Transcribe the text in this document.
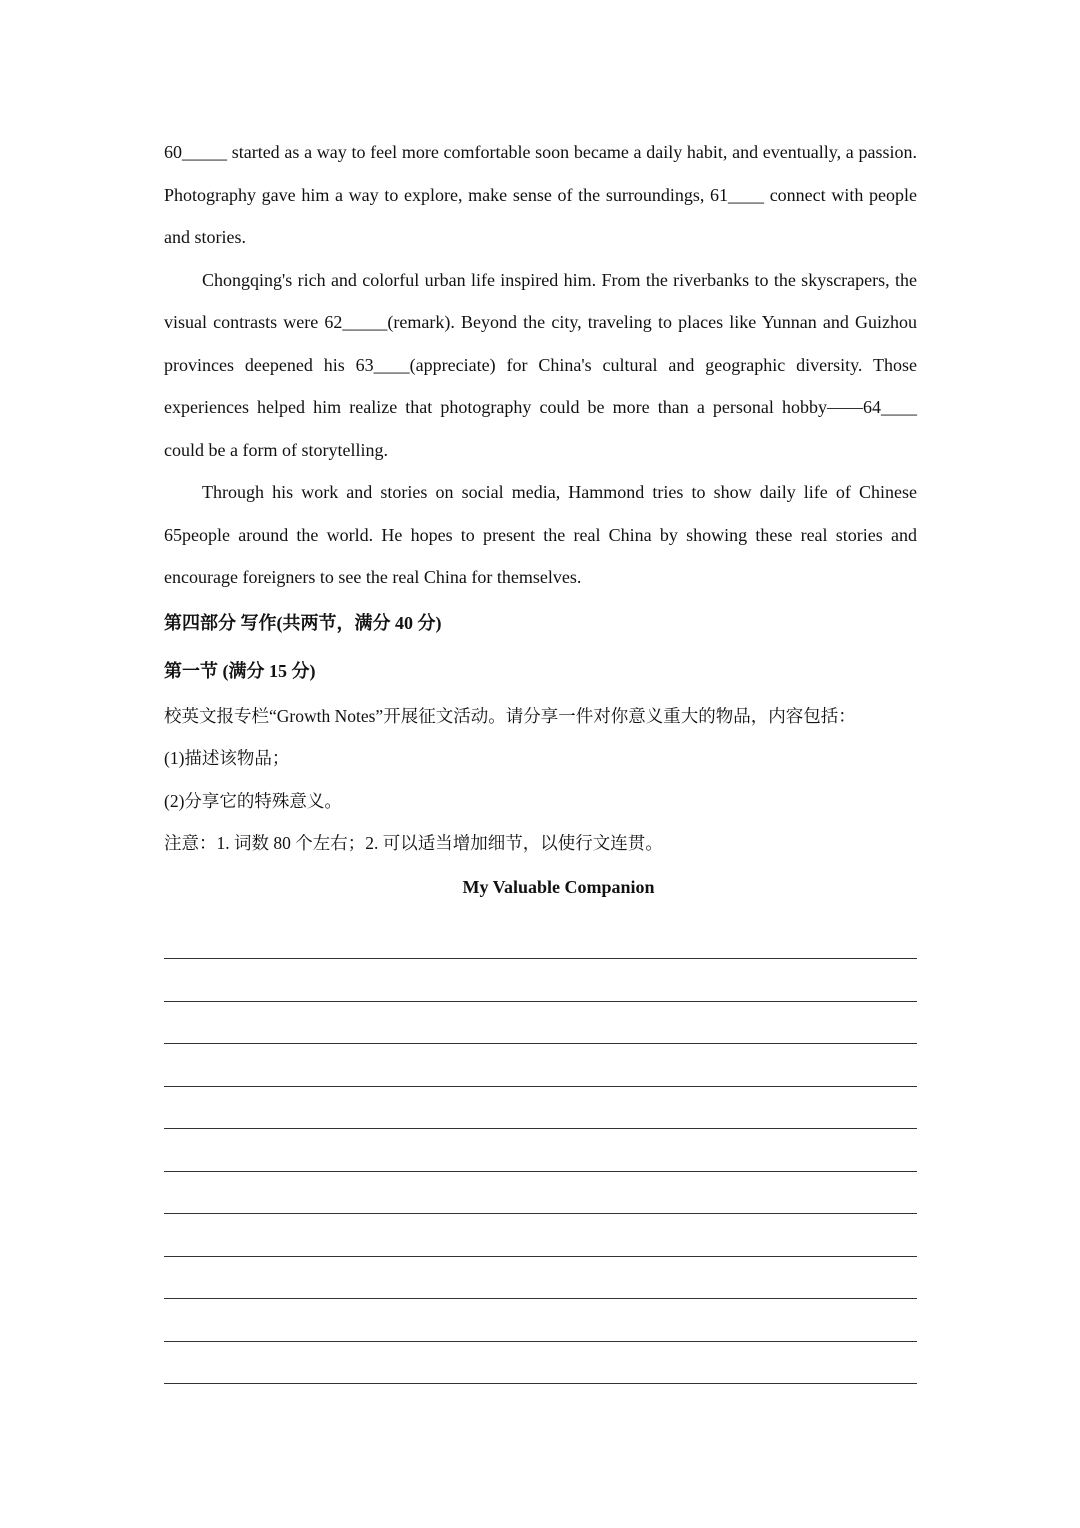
60_____ started as a way to feel more comfortable soon became a daily habit, and eventually, a passion. Photography gave him a way to explore, make sense of the surroundings, 61____ connect with people and stories.

Chongqing's rich and colorful urban life inspired him. From the riverbanks to the skyscrapers, the visual contrasts were 62_____(remark). Beyond the city, traveling to places like Yunnan and Guizhou provinces deepened his 63____(appreciate) for China's cultural and geographic diversity. Those experiences helped him realize that photography could be more than a personal hobby——64____ could be a form of storytelling.

Through his work and stories on social media, Hammond tries to show daily life of Chinese 65people around the world. He hopes to present the real China by showing these real stories and encourage foreigners to see the real China for themselves.

第四部分 写作(共两节，满分 40 分)

第一节 (满分 15 分)

校英文报专栏“Growth Notes”开展征文活动。请分享一件对你意义重大的物品，内容包括：

(1)描述该物品；

(2)分享它的特殊意义。

注意：1. 词数 80 个左右；2. 可以适当增加细节，以使行文连贯。

My Valuable Companion
